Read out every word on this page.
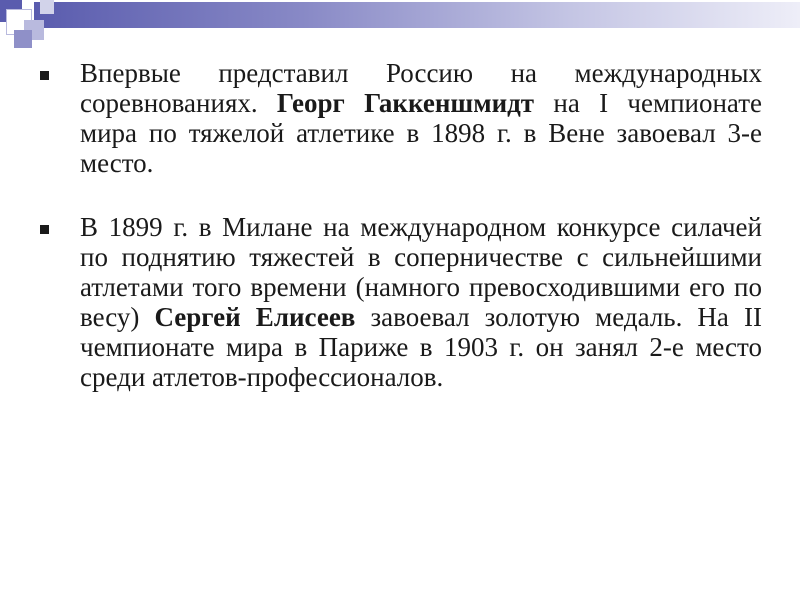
Впервые представил Россию на международных соревнованиях. Георг Гаккеншмидт на I чемпионате мира по тяжелой атлетике в 1898 г. в Вене завоевал 3-е место.

В 1899 г. в Милане на международном конкурсе силачей по поднятию тяжестей в соперничестве с сильнейшими атлетами того времени (намного превосходившими его по весу) Сергей Елисеев завоевал золотую медаль. На II чемпионате мира в Париже в 1903 г. он занял 2-е место среди атлетов-профессионалов.
